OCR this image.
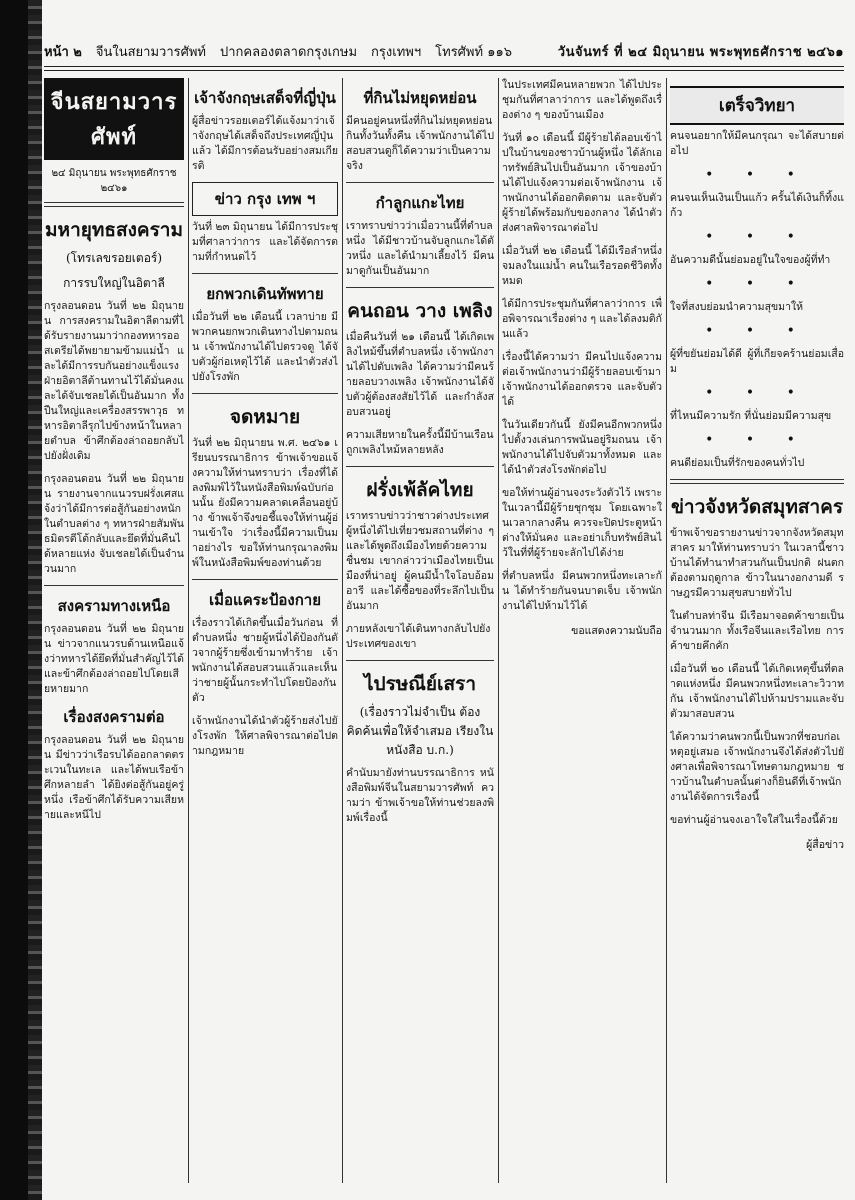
หน้า ๒ จีนในสยามวารศัพท์ ปากคลองตลาดกรุงเกษม กรุงเทพฯ โทรศัพท์ ๑๑๖	วันจันทร์ ที่ ๒๔ มิถุนายน พระพุทธศักราช ๒๔๖๑
จีนสยามวารศัพท์
๒๔ มิถุนายน พระพุทธศักราช ๒๔๖๑
มหายุทธสงคราม
(โทรเลขรอยเตอร์)
การรบใหญ่ในอิตาลี

กรุงลอนดอน วันที่ ๒๒ มิถุนายน การสงครามในอิตาลีตามที่ได้รับรายงานมาว่ากองทหารออสเตรียได้พยายามข้ามแม่น้ำ และได้มีการรบกันอย่างแข็งแรง ฝ่ายอิตาลีต้านทานไว้ได้มั่นคงและได้จับเชลยได้เป็นอันมาก ทั้งปืนใหญ่และเครื่องสรรพาวุธ ทหารอิตาลีรุกไปข้างหน้าในหลายตำบล ข้าศึกต้องล่าถอยกลับไปยังฝั่งเดิม

กรุงลอนดอน วันที่ ๒๒ มิถุนายน รายงานจากแนวรบฝรั่งเศสแจ้งว่าได้มีการต่อสู้กันอย่างหนักในตำบลต่าง ๆ ทหารฝ่ายสัมพันธมิตรตีโต้กลับและยึดที่มั่นคืนได้หลายแห่ง จับเชลยได้เป็นจำนวนมาก

สงครามทางเหนือ

กรุงลอนดอน วันที่ ๒๒ มิถุนายน ข่าวจากแนวรบด้านเหนือแจ้งว่าทหารได้ยึดที่มั่นสำคัญไว้ได้ และข้าศึกต้องล่าถอยไปโดยเสียหายมาก

เรื่องสงครามต่อ

กรุงลอนดอน วันที่ ๒๒ มิถุนายน มีข่าวว่าเรือรบได้ออกลาดตระเวนในทะเล และได้พบเรือข้าศึกหลายลำ ได้ยิงต่อสู้กันอยู่ครู่หนึ่ง เรือข้าศึกได้รับความเสียหายและหนีไป

เจ้าจังกฤษเสด็จที่ญี่ปุ่น

ผู้สื่อข่าวรอยเตอร์ได้แจ้งมาว่าเจ้าจังกฤษได้เสด็จถึงประเทศญี่ปุ่นแล้ว ได้มีการต้อนรับอย่างสมเกียรติ

ข่าว กรุง เทพ ฯ

วันที่ ๒๓ มิถุนายน ได้มีการประชุมที่ศาลาว่าการ และได้จัดการตามที่กำหนดไว้

ยกพวกเดินทัพทาย

เมื่อวันที่ ๒๒ เดือนนี้ เวลาบ่าย มีพวกคนยกพวกเดินทางไปตามถนน เจ้าพนักงานได้ไปตรวจดู ได้จับตัวผู้ก่อเหตุไว้ได้ และนำตัวส่งไปยังโรงพัก

จดหมาย

วันที่ ๒๒ มิถุนายน พ.ศ. ๒๔๖๑ เรียนบรรณาธิการ ข้าพเจ้าขอแจ้งความให้ท่านทราบว่า เรื่องที่ได้ลงพิมพ์ไว้ในหนังสือพิมพ์ฉบับก่อนนั้น ยังมีความคลาดเคลื่อนอยู่บ้าง ข้าพเจ้าจึงขอชี้แจงให้ท่านผู้อ่านเข้าใจ ว่าเรื่องนี้มีความเป็นมาอย่างไร ขอให้ท่านกรุณาลงพิมพ์ในหนังสือพิมพ์ของท่านด้วย

เมื่อแคระป้องกาย

เรื่องราวได้เกิดขึ้นเมื่อวันก่อน ที่ตำบลหนึ่ง ชายผู้หนึ่งได้ป้องกันตัวจากผู้ร้ายซึ่งเข้ามาทำร้าย เจ้าพนักงานได้สอบสวนแล้วและเห็นว่าชายผู้นั้นกระทำไปโดยป้องกันตัว

เจ้าพนักงานได้นำตัวผู้ร้ายส่งไปยังโรงพัก ให้ศาลพิจารณาต่อไปตามกฎหมาย

ที่กินไม่หยุดหย่อน

มีคนอยู่คนหนึ่งที่กินไม่หยุดหย่อน กินทั้งวันทั้งคืน เจ้าพนักงานได้ไปสอบสวนดูก็ได้ความว่าเป็นความจริง

กำลูกแกะไทย

เราทราบข่าวว่าเมื่อวานนี้ที่ตำบลหนึ่ง ได้มีชาวบ้านจับลูกแกะได้ตัวหนึ่ง และได้นำมาเลี้ยงไว้ มีคนมาดูกันเป็นอันมาก

คนถอน วาง เพลิง

เมื่อคืนวันที่ ๒๑ เดือนนี้ ได้เกิดเพลิงไหม้ขึ้นที่ตำบลหนึ่ง เจ้าพนักงานได้ไปดับเพลิง ได้ความว่ามีคนร้ายลอบวางเพลิง เจ้าพนักงานได้จับตัวผู้ต้องสงสัยไว้ได้ และกำลังสอบสวนอยู่

ความเสียหายในครั้งนี้มีบ้านเรือนถูกเพลิงไหม้หลายหลัง

ฝรั่งเพ้ลัคไทย

เราทราบข่าวว่าชาวต่างประเทศผู้หนึ่งได้ไปเที่ยวชมสถานที่ต่าง ๆ และได้พูดถึงเมืองไทยด้วยความชื่นชม เขากล่าวว่าเมืองไทยเป็นเมืองที่น่าอยู่ ผู้คนมีน้ำใจโอบอ้อมอารี และได้ซื้อของที่ระลึกไปเป็นอันมาก

ภายหลังเขาได้เดินทางกลับไปยังประเทศของเขา

ไปรษณีย์เสรา
(เรื่องราวไม่จำเป็น ต้องคิดค้นเพื่อให้จำเสมอ เรียงในหนังสือ บ.ก.)

คำนับมายังท่านบรรณาธิการ หนังสือพิมพ์จีนในสยามวารศัพท์ ความว่า ข้าพเจ้าขอให้ท่านช่วยลงพิมพ์เรื่องนี้

ในประเทศมีคนหลายพวก ได้ไปประชุมกันที่ศาลาว่าการ และได้พูดถึงเรื่องต่าง ๆ ของบ้านเมือง

วันที่ ๑๐ เดือนนี้ มีผู้ร้ายได้ลอบเข้าไปในบ้านของชาวบ้านผู้หนึ่ง ได้ลักเอาทรัพย์สินไปเป็นอันมาก เจ้าของบ้านได้ไปแจ้งความต่อเจ้าพนักงาน เจ้าพนักงานได้ออกติดตาม และจับตัวผู้ร้ายได้พร้อมกับของกลาง ได้นำตัวส่งศาลพิจารณาต่อไป

เมื่อวันที่ ๒๒ เดือนนี้ ได้มีเรือลำหนึ่งจมลงในแม่น้ำ คนในเรือรอดชีวิตทั้งหมด

ได้มีการประชุมกันที่ศาลาว่าการ เพื่อพิจารณาเรื่องต่าง ๆ และได้ลงมติกันแล้ว

เรื่องนี้ได้ความว่า มีคนไปแจ้งความต่อเจ้าพนักงานว่ามีผู้ร้ายลอบเข้ามา เจ้าพนักงานได้ออกตรวจ และจับตัวได้

ในวันเดียวกันนี้ ยังมีคนอีกพวกหนึ่งไปตั้งวงเล่นการพนันอยู่ริมถนน เจ้าพนักงานได้ไปจับตัวมาทั้งหมด และได้นำตัวส่งโรงพักต่อไป

ขอให้ท่านผู้อ่านจงระวังตัวไว้ เพราะในเวลานี้มีผู้ร้ายชุกชุม โดยเฉพาะในเวลากลางคืน ควรจะปิดประตูหน้าต่างให้มั่นคง และอย่าเก็บทรัพย์สินไว้ในที่ที่ผู้ร้ายจะลักไปได้ง่าย

ที่ตำบลหนึ่ง มีคนพวกหนึ่งทะเลาะกัน ได้ทำร้ายกันจนบาดเจ็บ เจ้าพนักงานได้ไปห้ามไว้ได้

ขอแสดงความนับถือ
เตร็จวิทยา

คนจนอยากให้มีคนกรุณา จะได้สบายต่อไป

• • •

คนจนเห็นเงินเป็นแก้ว ครั้นได้เงินก็ทิ้งแก้ว

• • •

อันความดีนั้นย่อมอยู่ในใจของผู้ที่ทำ

• • •

ใจที่สงบย่อมนำความสุขมาให้

• • •

ผู้ที่ขยันย่อมได้ดี ผู้ที่เกียจคร้านย่อมเสื่อม

• • •

ที่ไหนมีความรัก ที่นั่นย่อมมีความสุข

• • •

คนดีย่อมเป็นที่รักของคนทั่วไป

ข่าวจังหวัดสมุทสาคร

ข้าพเจ้าขอรายงานข่าวจากจังหวัดสมุทสาคร มาให้ท่านทราบว่า ในเวลานี้ชาวบ้านได้ทำนาทำสวนกันเป็นปกติ ฝนตกต้องตามฤดูกาล ข้าวในนางอกงามดี ราษฎรมีความสุขสบายทั่วไป

ในตำบลท่าจีน มีเรือมาจอดค้าขายเป็นจำนวนมาก ทั้งเรือจีนและเรือไทย การค้าขายคึกคัก

เมื่อวันที่ ๒๐ เดือนนี้ ได้เกิดเหตุขึ้นที่ตลาดแห่งหนึ่ง มีคนพวกหนึ่งทะเลาะวิวาทกัน เจ้าพนักงานได้ไปห้ามปรามและจับตัวมาสอบสวน

ได้ความว่าคนพวกนี้เป็นพวกที่ชอบก่อเหตุอยู่เสมอ เจ้าพนักงานจึงได้ส่งตัวไปยังศาลเพื่อพิจารณาโทษตามกฎหมาย ชาวบ้านในตำบลนั้นต่างก็ยินดีที่เจ้าพนักงานได้จัดการเรื่องนี้

ขอท่านผู้อ่านจงเอาใจใส่ในเรื่องนี้ด้วย

ผู้สื่อข่าว
